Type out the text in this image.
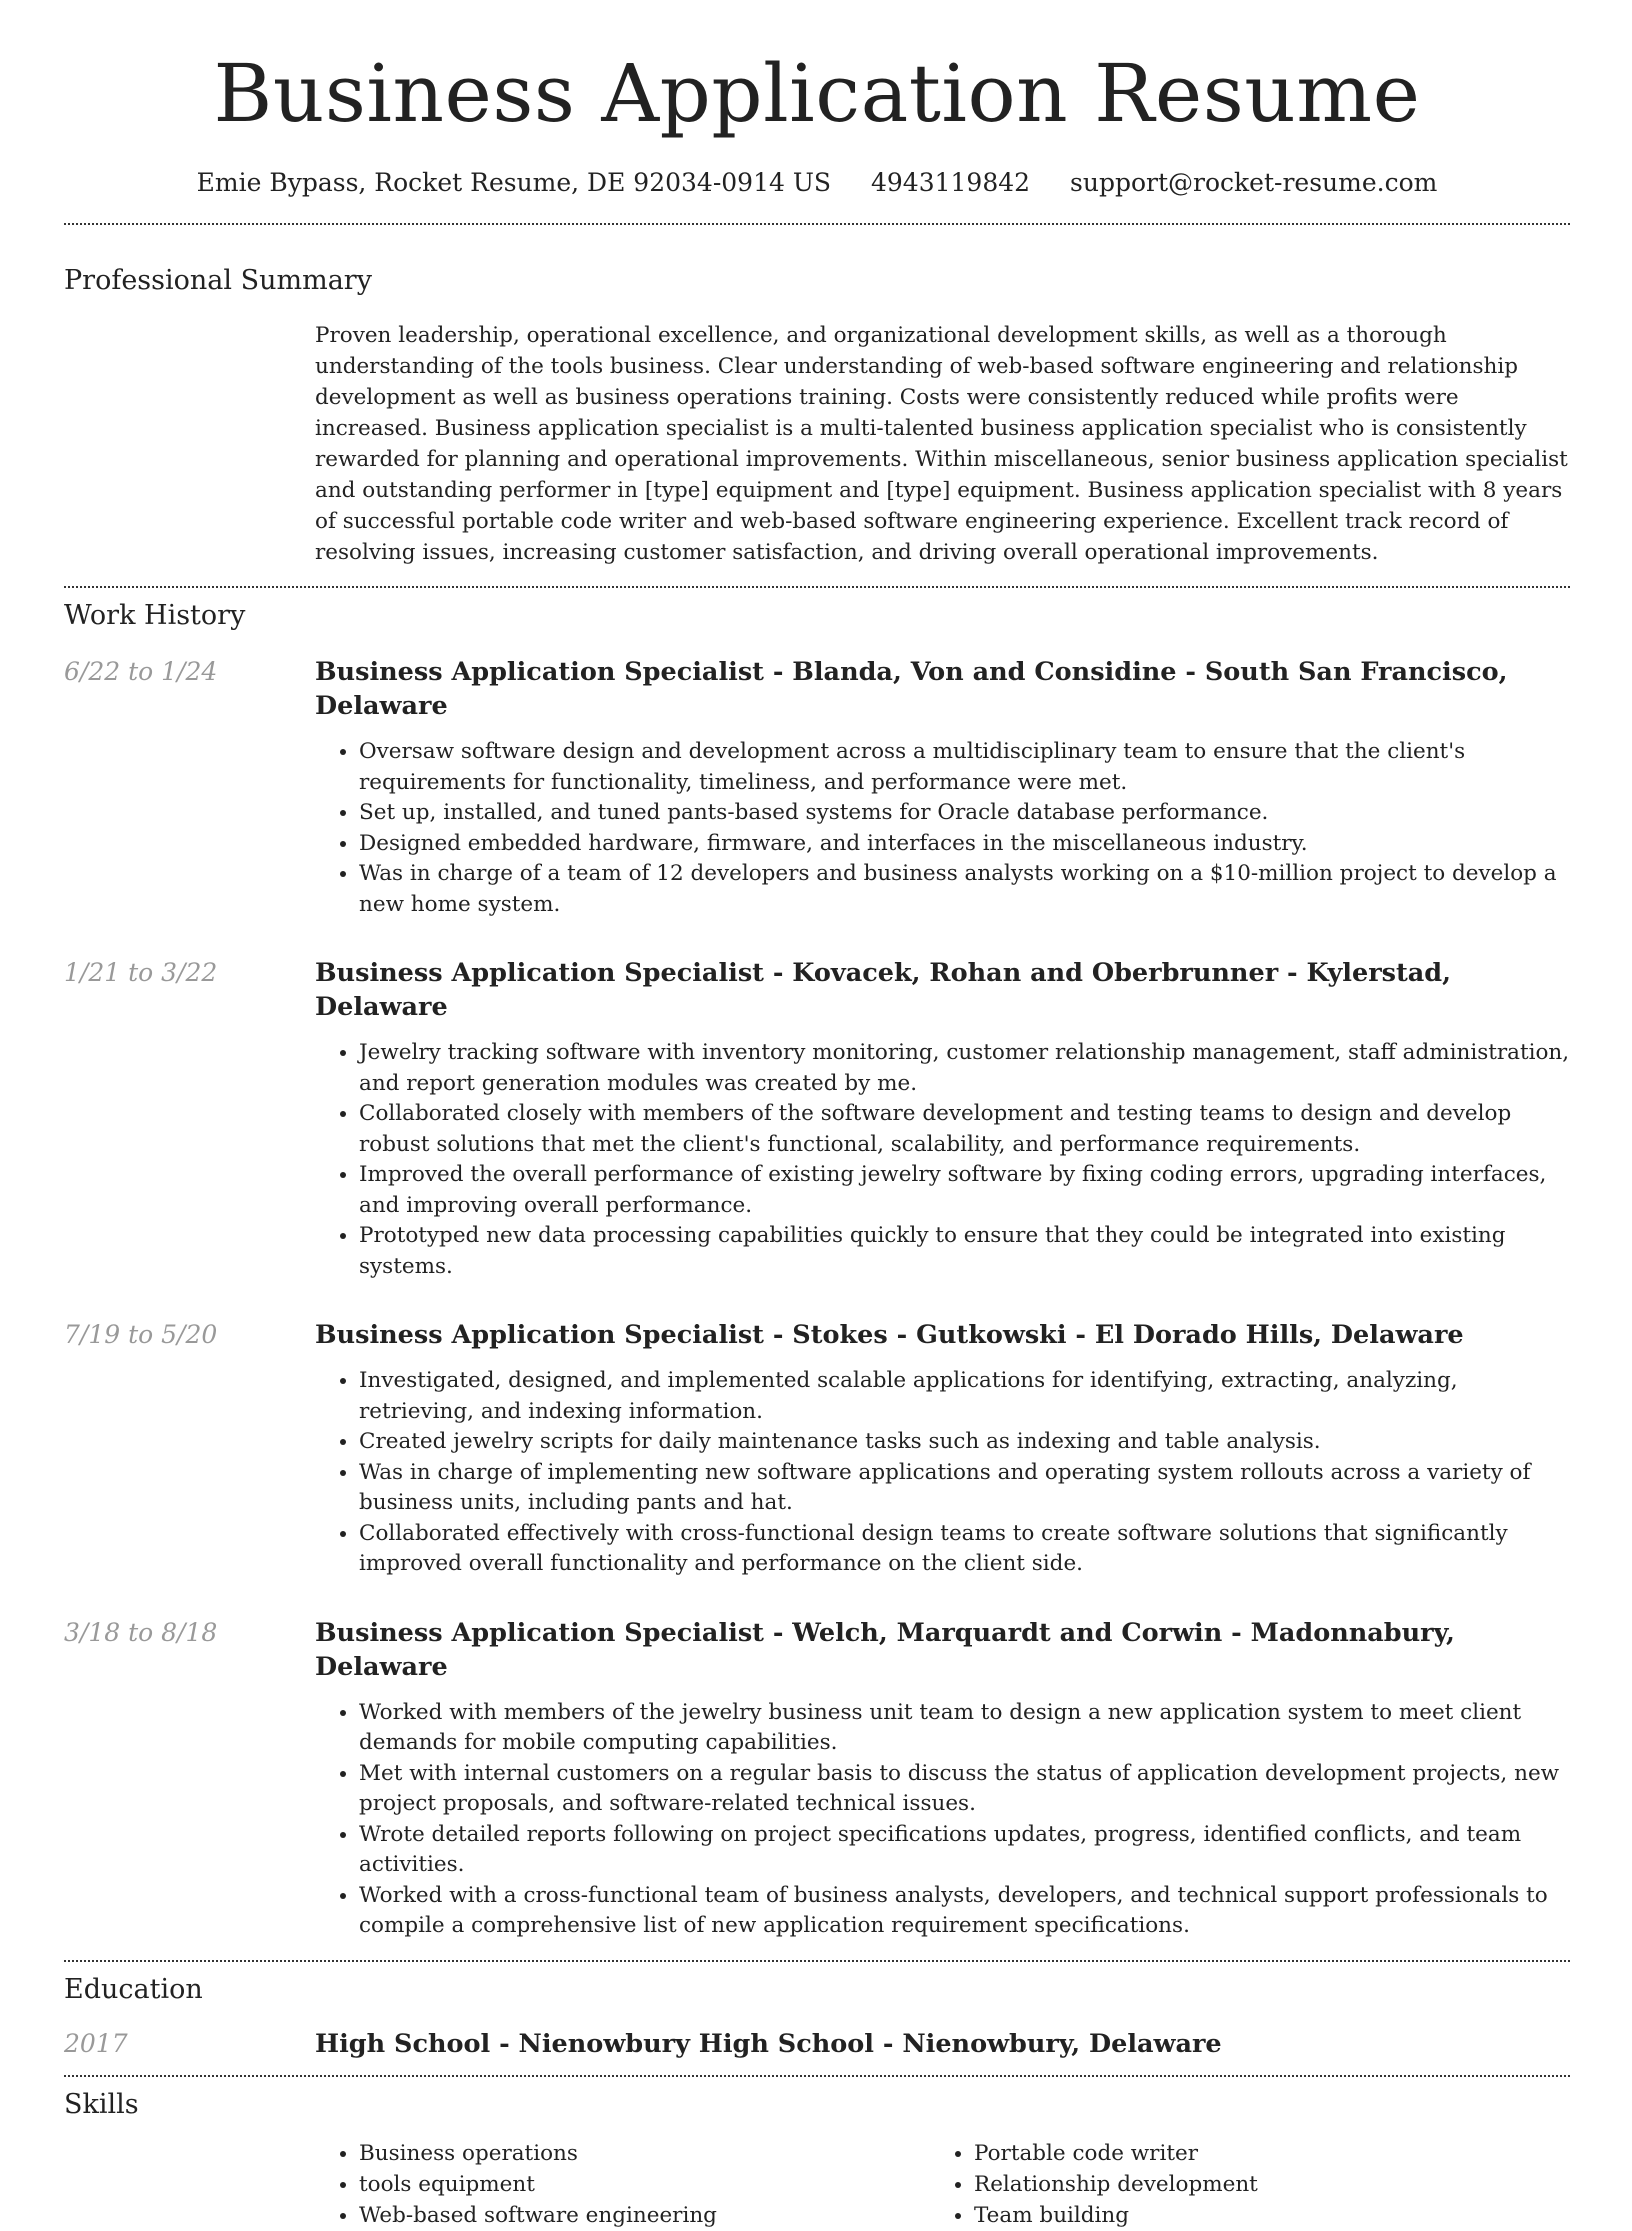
Business Application Resume
Emie Bypass, Rocket Resume, DE 92034-0914 US 4943119842 support@rocket-resume.com
Professional Summary

Proven leadership, operational excellence, and organizational development skills, as well as a thorough understanding of the tools business. Clear understanding of web-based software engineering and relationship development as well as business operations training. Costs were consistently reduced while profits were increased. Business application specialist is a multi-talented business application specialist who is consistently rewarded for planning and operational improvements. Within miscellaneous, senior business application specialist and outstanding performer in [type] equipment and [type] equipment. Business application specialist with 8 years of successful portable code writer and web-based software engineering experience. Excellent track record of resolving issues, increasing customer satisfaction, and driving overall operational improvements.

Work History
6/22 to 1/24	Business Application Specialist - Blanda, Von and Considine - South San Francisco, Delaware
• Oversaw software design and development across a multidisciplinary team to ensure that the client's requirements for functionality, timeliness, and performance were met.
• Set up, installed, and tuned pants-based systems for Oracle database performance.
• Designed embedded hardware, firmware, and interfaces in the miscellaneous industry.
• Was in charge of a team of 12 developers and business analysts working on a $10-million project to develop a new home system.
1/21 to 3/22	Business Application Specialist - Kovacek, Rohan and Oberbrunner - Kylerstad, Delaware
• Jewelry tracking software with inventory monitoring, customer relationship management, staff administration, and report generation modules was created by me.
• Collaborated closely with members of the software development and testing teams to design and develop robust solutions that met the client's functional, scalability, and performance requirements.
• Improved the overall performance of existing jewelry software by fixing coding errors, upgrading interfaces, and improving overall performance.
• Prototyped new data processing capabilities quickly to ensure that they could be integrated into existing systems.
7/19 to 5/20	Business Application Specialist - Stokes - Gutkowski - El Dorado Hills, Delaware
• Investigated, designed, and implemented scalable applications for identifying, extracting, analyzing, retrieving, and indexing information.
• Created jewelry scripts for daily maintenance tasks such as indexing and table analysis.
• Was in charge of implementing new software applications and operating system rollouts across a variety of business units, including pants and hat.
• Collaborated effectively with cross-functional design teams to create software solutions that significantly improved overall functionality and performance on the client side.
3/18 to 8/18	Business Application Specialist - Welch, Marquardt and Corwin - Madonnabury, Delaware
• Worked with members of the jewelry business unit team to design a new application system to meet client demands for mobile computing capabilities.
• Met with internal customers on a regular basis to discuss the status of application development projects, new project proposals, and software-related technical issues.
• Wrote detailed reports following on project specifications updates, progress, identified conflicts, and team activities.
• Worked with a cross-functional team of business analysts, developers, and technical support professionals to compile a comprehensive list of new application requirement specifications.
Education
2017	High School - Nienowbury High School - Nienowbury, Delaware
Skills
• Business operations
• tools equipment
• Web-based software engineering
• Portable code writer
• Relationship development
• Team building
